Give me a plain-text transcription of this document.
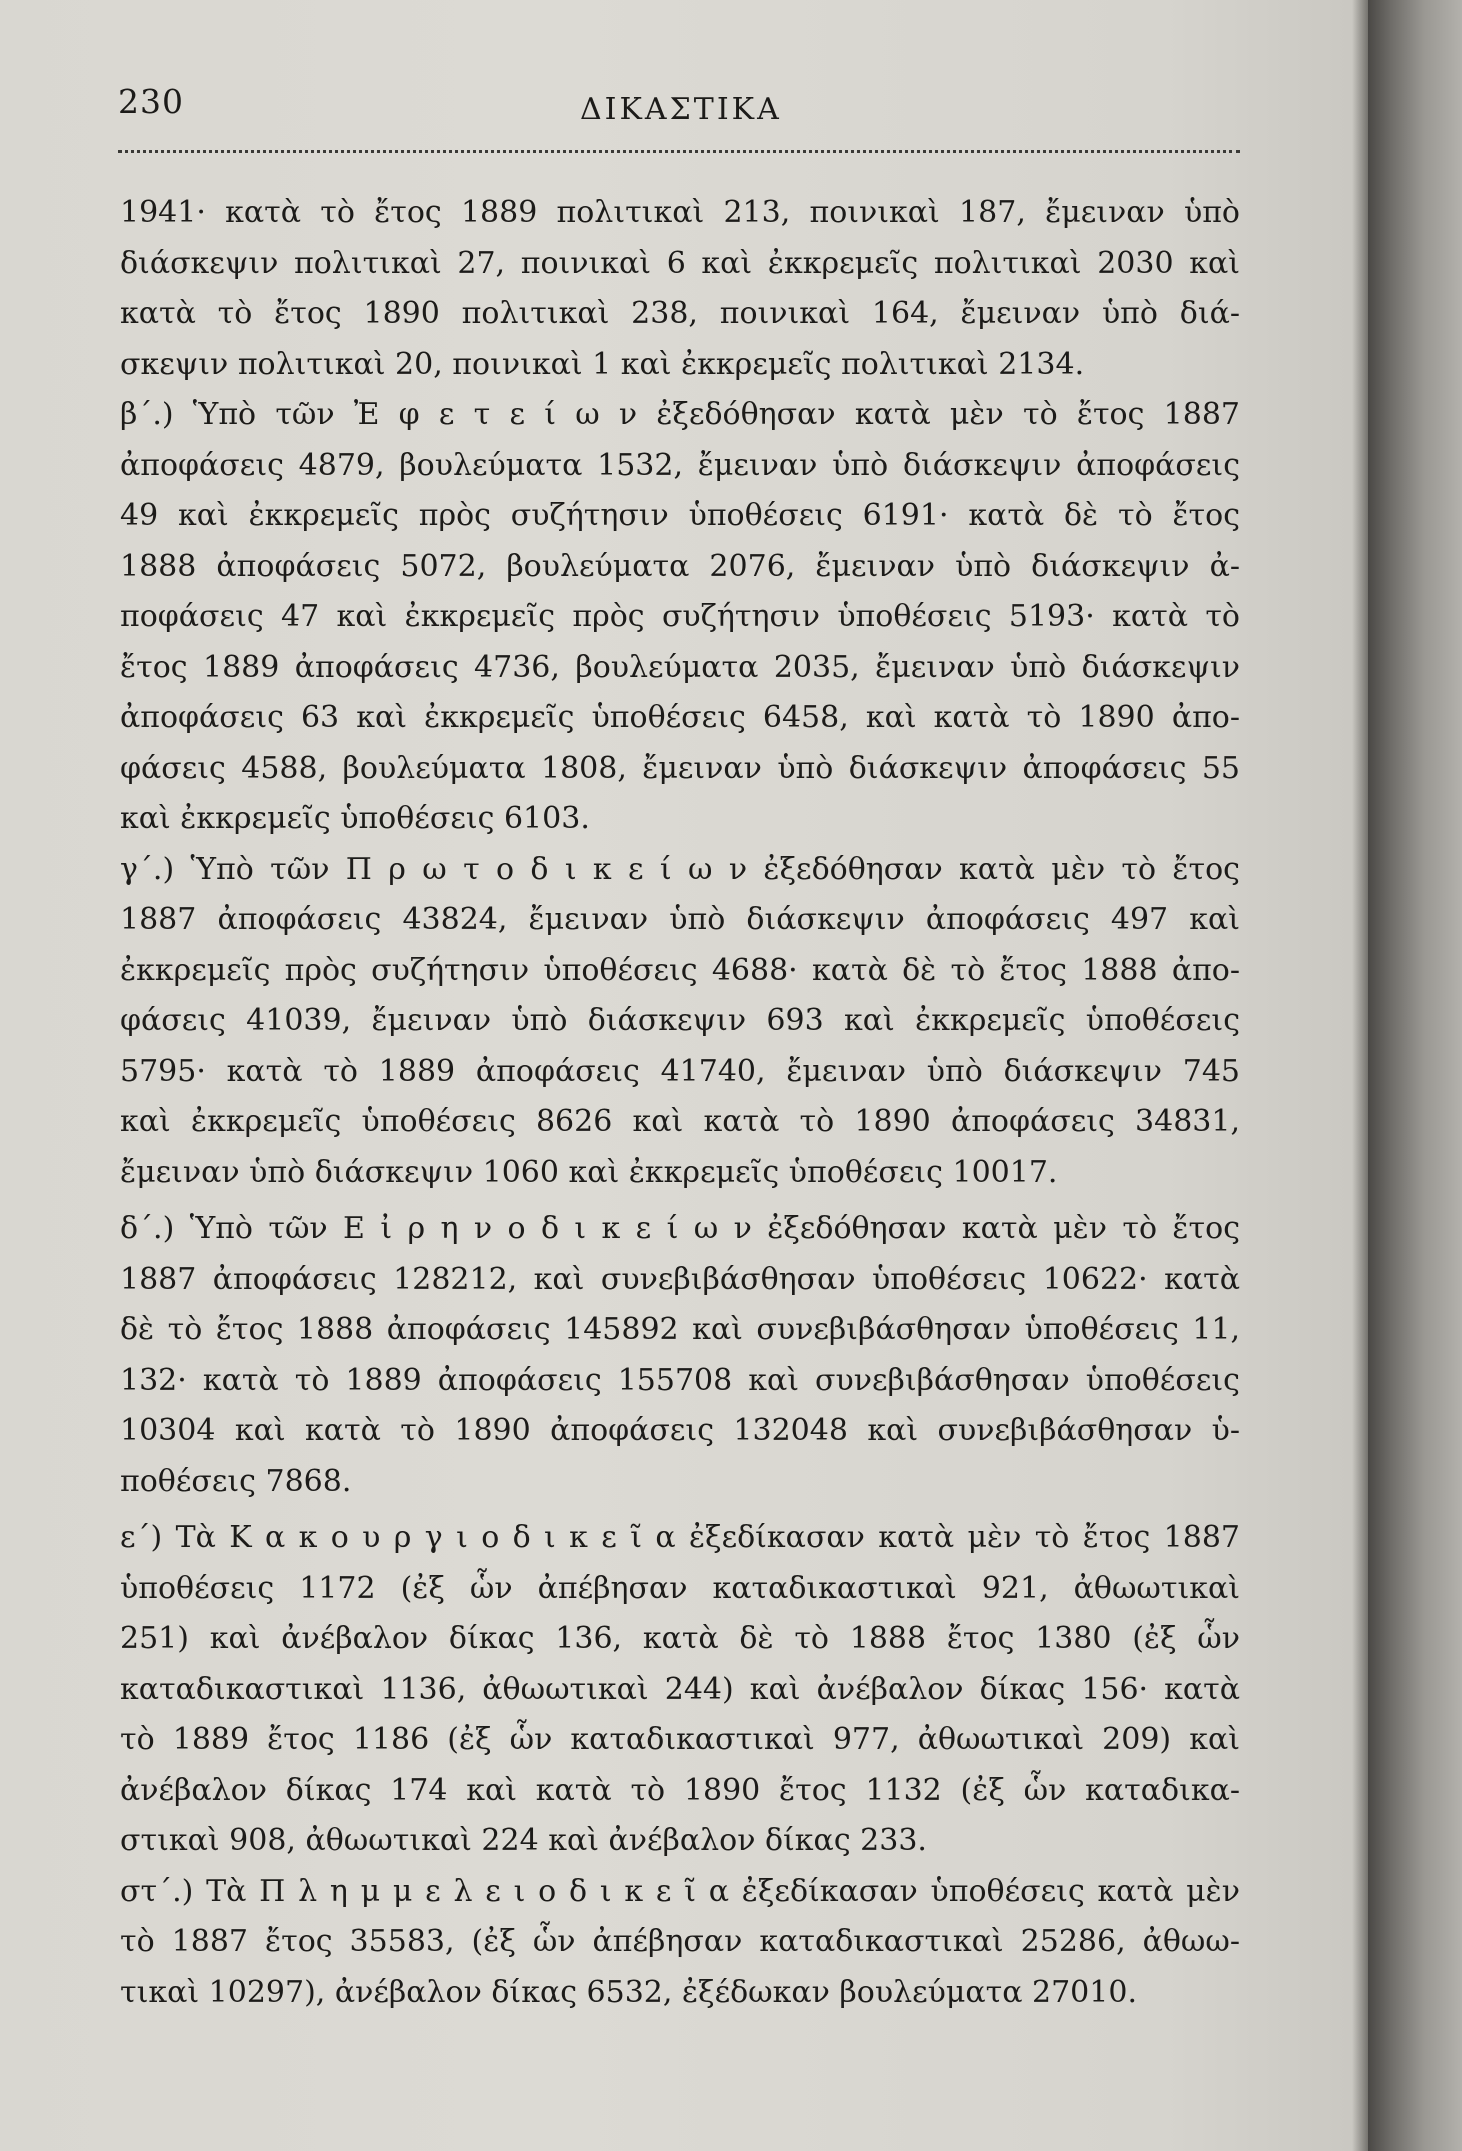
230	ΔΙΚΑΣΤΙΚΑ
1941· κατὰ τὸ ἔτος 1889 πολιτικαὶ 213, ποινικαὶ 187, ἔμειναν ὑπὸ
διάσκεψιν πολιτικαὶ 27, ποινικαὶ 6 καὶ ἐκκρεμεῖς πολιτικαὶ 2030 καὶ
κατὰ τὸ ἔτος 1890 πολιτικαὶ 238, ποινικαὶ 164, ἔμειναν ὑπὸ διά-
σκεψιν πολιτικαὶ 20, ποινικαὶ 1 καὶ ἐκκρεμεῖς πολιτικαὶ 2134.
β΄.) Ὑπὸ τῶν Ἐ φ ε τ ε ί ω ν ἐξεδόθησαν κατὰ μὲν τὸ ἔτος 1887
ἀποφάσεις 4879, βουλεύματα 1532, ἔμειναν ὑπὸ διάσκεψιν ἀποφάσεις
49 καὶ ἐκκρεμεῖς πρὸς συζήτησιν ὑποθέσεις 6191· κατὰ δὲ τὸ ἔτος
1888 ἀποφάσεις 5072, βουλεύματα 2076, ἔμειναν ὑπὸ διάσκεψιν ἀ-
ποφάσεις 47 καὶ ἐκκρεμεῖς πρὸς συζήτησιν ὑποθέσεις 5193· κατὰ τὸ
ἔτος 1889 ἀποφάσεις 4736, βουλεύματα 2035, ἔμειναν ὑπὸ διάσκεψιν
ἀποφάσεις 63 καὶ ἐκκρεμεῖς ὑποθέσεις 6458, καὶ κατὰ τὸ 1890 ἀπο-
φάσεις 4588, βουλεύματα 1808, ἔμειναν ὑπὸ διάσκεψιν ἀποφάσεις 55
καὶ ἐκκρεμεῖς ὑποθέσεις 6103.
γ΄.) Ὑπὸ τῶν Π ρ ω τ ο δ ι κ ε ί ω ν ἐξεδόθησαν κατὰ μὲν τὸ ἔτος
1887 ἀποφάσεις 43824, ἔμειναν ὑπὸ διάσκεψιν ἀποφάσεις 497 καὶ
ἐκκρεμεῖς πρὸς συζήτησιν ὑποθέσεις 4688· κατὰ δὲ τὸ ἔτος 1888 ἀπο-
φάσεις 41039, ἔμειναν ὑπὸ διάσκεψιν 693 καὶ ἐκκρεμεῖς ὑποθέσεις
5795· κατὰ τὸ 1889 ἀποφάσεις 41740, ἔμειναν ὑπὸ διάσκεψιν 745
καὶ ἐκκρεμεῖς ὑποθέσεις 8626 καὶ κατὰ τὸ 1890 ἀποφάσεις 34831,
ἔμειναν ὑπὸ διάσκεψιν 1060 καὶ ἐκκρεμεῖς ὑποθέσεις 10017.
δ΄.) Ὑπὸ τῶν Ε ἰ ρ η ν ο δ ι κ ε ί ω ν ἐξεδόθησαν κατὰ μὲν τὸ ἔτος
1887 ἀποφάσεις 128212, καὶ συνεβιβάσθησαν ὑποθέσεις 10622· κατὰ
δὲ τὸ ἔτος 1888 ἀποφάσεις 145892 καὶ συνεβιβάσθησαν ὑποθέσεις 11,
132· κατὰ τὸ 1889 ἀποφάσεις 155708 καὶ συνεβιβάσθησαν ὑποθέσεις
10304 καὶ κατὰ τὸ 1890 ἀποφάσεις 132048 καὶ συνεβιβάσθησαν ὑ-
ποθέσεις 7868.
ε΄) Τὰ Κ α κ ο υ ρ γ ι ο δ ι κ ε ῖ α ἐξεδίκασαν κατὰ μὲν τὸ ἔτος 1887
ὑποθέσεις 1172 (ἐξ ὧν ἀπέβησαν καταδικαστικαὶ 921, ἀθωωτικαὶ
251) καὶ ἀνέβαλον δίκας 136, κατὰ δὲ τὸ 1888 ἔτος 1380 (ἐξ ὧν
καταδικαστικαὶ 1136, ἀθωωτικαὶ 244) καὶ ἀνέβαλον δίκας 156· κατὰ
τὸ 1889 ἔτος 1186 (ἐξ ὧν καταδικαστικαὶ 977, ἀθωωτικαὶ 209) καὶ
ἀνέβαλον δίκας 174 καὶ κατὰ τὸ 1890 ἔτος 1132 (ἐξ ὧν καταδικα-
στικαὶ 908, ἀθωωτικαὶ 224 καὶ ἀνέβαλον δίκας 233.
στ΄.) Τὰ Π λ η μ μ ε λ ε ι ο δ ι κ ε ῖ α ἐξεδίκασαν ὑποθέσεις κατὰ μὲν
τὸ 1887 ἔτος 35583, (ἐξ ὧν ἀπέβησαν καταδικαστικαὶ 25286, ἀθωω-
τικαὶ 10297), ἀνέβαλον δίκας 6532, ἐξέδωκαν βουλεύματα 27010.
